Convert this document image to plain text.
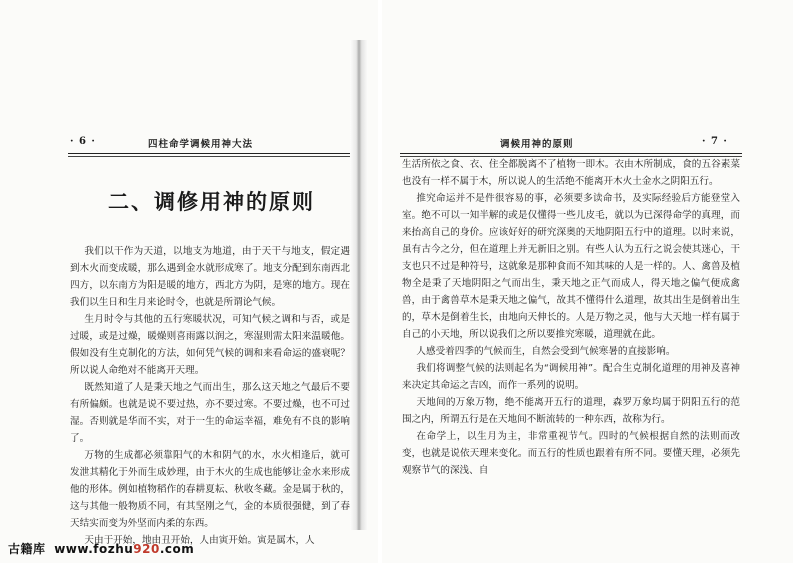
· 6 ·	四柱命学调候用神大法
二、调修用神的原则

我们以干作为天道，以地支为地道，由于天干与地支，假定遇到木火而变成暖，那么遇到金水就形成寒了。地支分配到东南西北四方，以东南方为阳是暖的地方，西北方为阴，是寒的地方。现在我们以生日和生月来论时令，也就是所谓论气候。

生月时令与其他的五行寒暖状况，可知气候之调和与否，或是过暖，或是过燥，暖燥则喜雨露以润之，寒湿则需太阳来温暖他。假如没有生克制化的方法，如何凭气候的调和来看命运的盛衰呢？所以说人命绝对不能离开天理。

既然知道了人是秉天地之气而出生，那么这天地之气最后不要有所偏颇。也就是说不要过热，亦不要过寒。不要过燥，也不可过湿。否则就是华而不实，对于一生的命运幸福，难免有不良的影响了。

万物的生成都必须靠阳气的木和阴气的水，水火相逢后，就可发泄其精化于外而生成妙理，由于木火的生成也能够让金水来形成他的形体。例如植物稻作的春耕夏耘、秋收冬藏。金是属于秋的，这与其他一般物质不同，有其坚刚之气，金的本质很强健，到了春天结实而变为外坚而内柔的东西。

天由于开始，地由丑开始，人由寅开始。寅是属木，人

调候用神的原则	· 7 ·

生活所依之食、衣、住全都脱离不了植物一即木。衣由木所制成，食的五谷素菜也没有一样不属于木，所以说人的生活绝不能离开木火土金水之阴阳五行。

推究命运并不是件很容易的事，必须要多读命书，及实际经验后方能登堂入室。绝不可以一知半解的或是仅懂得一些儿皮毛，就以为已深得命学的真理，而来抬高自己的身价。应该好好的研究深奥的天地阴阳五行中的道理。以时来说，虽有古今之分，但在道理上并无新旧之别。有些人认为五行之说会使其迷心，干支也只不过是种符号，这就象是那种食而不知其味的人是一样的。人、禽兽及植物全是秉了天地阴阳之气而出生，秉天地之正气而成人，得天地之偏气便成禽兽，由于禽兽草木是秉天地之偏气，故其不懂得什么道理，故其出生是倒着出生的，草木是倒着生长，由地向天伸长的。人是万物之灵，他与大天地一样有属于自己的小天地，所以说我们之所以要推究寒暖，道理就在此。

人感受着四季的气候而生，自然会受到气候寒暑的直接影响。

我们将调整气候的法则起名为“调候用神”。配合生克制化道理的用神及喜神来决定其命运之吉凶，而作一系列的说明。

天地间的万象万物，绝不能离开五行的道理，森罗万象均属于阴阳五行的范围之内，所谓五行是在天地间不断流转的一种东西，故称为行。

在命学上，以生月为主，非常重视节气。四时的气候根据自然的法则而改变，也就是说依天理来变化。而五行的性质也跟着有所不同。要懂天理，必须先观察节气的深浅、自

古籍库 www.fozhu920.com
